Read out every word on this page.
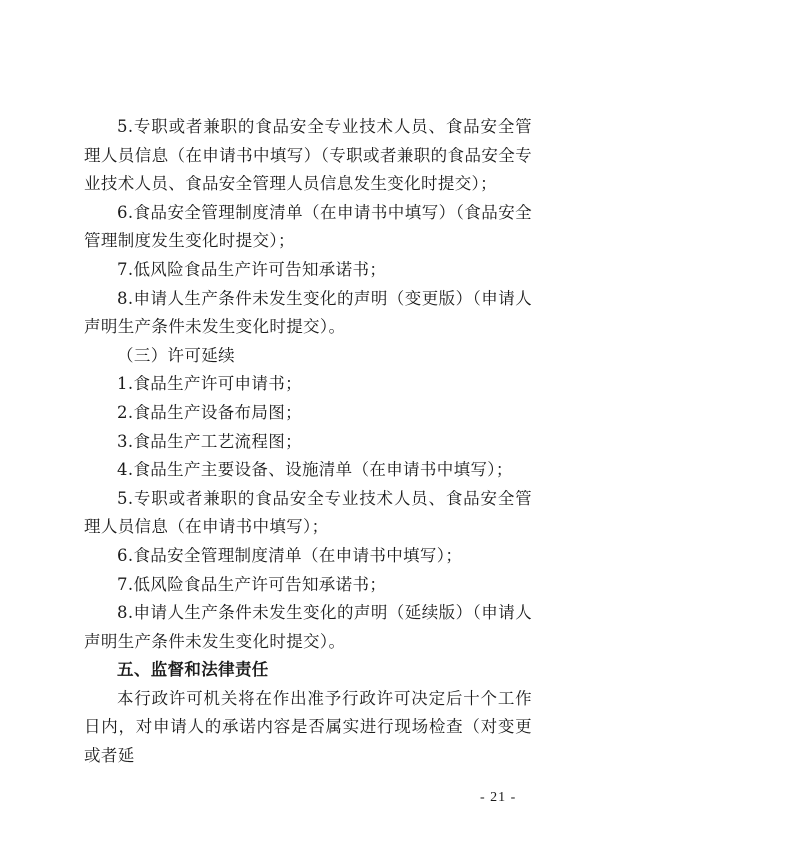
5.专职或者兼职的食品安全专业技术人员、食品安全管理人员信息（在申请书中填写）（专职或者兼职的食品安全专业技术人员、食品安全管理人员信息发生变化时提交）；

6.食品安全管理制度清单（在申请书中填写）（食品安全管理制度发生变化时提交）；

7.低风险食品生产许可告知承诺书；

8.申请人生产条件未发生变化的声明（变更版）（申请人声明生产条件未发生变化时提交）。

（三）许可延续

1.食品生产许可申请书；

2.食品生产设备布局图；

3.食品生产工艺流程图；

4.食品生产主要设备、设施清单（在申请书中填写）；

5.专职或者兼职的食品安全专业技术人员、食品安全管理人员信息（在申请书中填写）；

6.食品安全管理制度清单（在申请书中填写）；

7.低风险食品生产许可告知承诺书；

8.申请人生产条件未发生变化的声明（延续版）（申请人声明生产条件未发生变化时提交）。

五、监督和法律责任

本行政许可机关将在作出准予行政许可决定后十个工作日内，对申请人的承诺内容是否属实进行现场检查（对变更或者延

- 21 -
